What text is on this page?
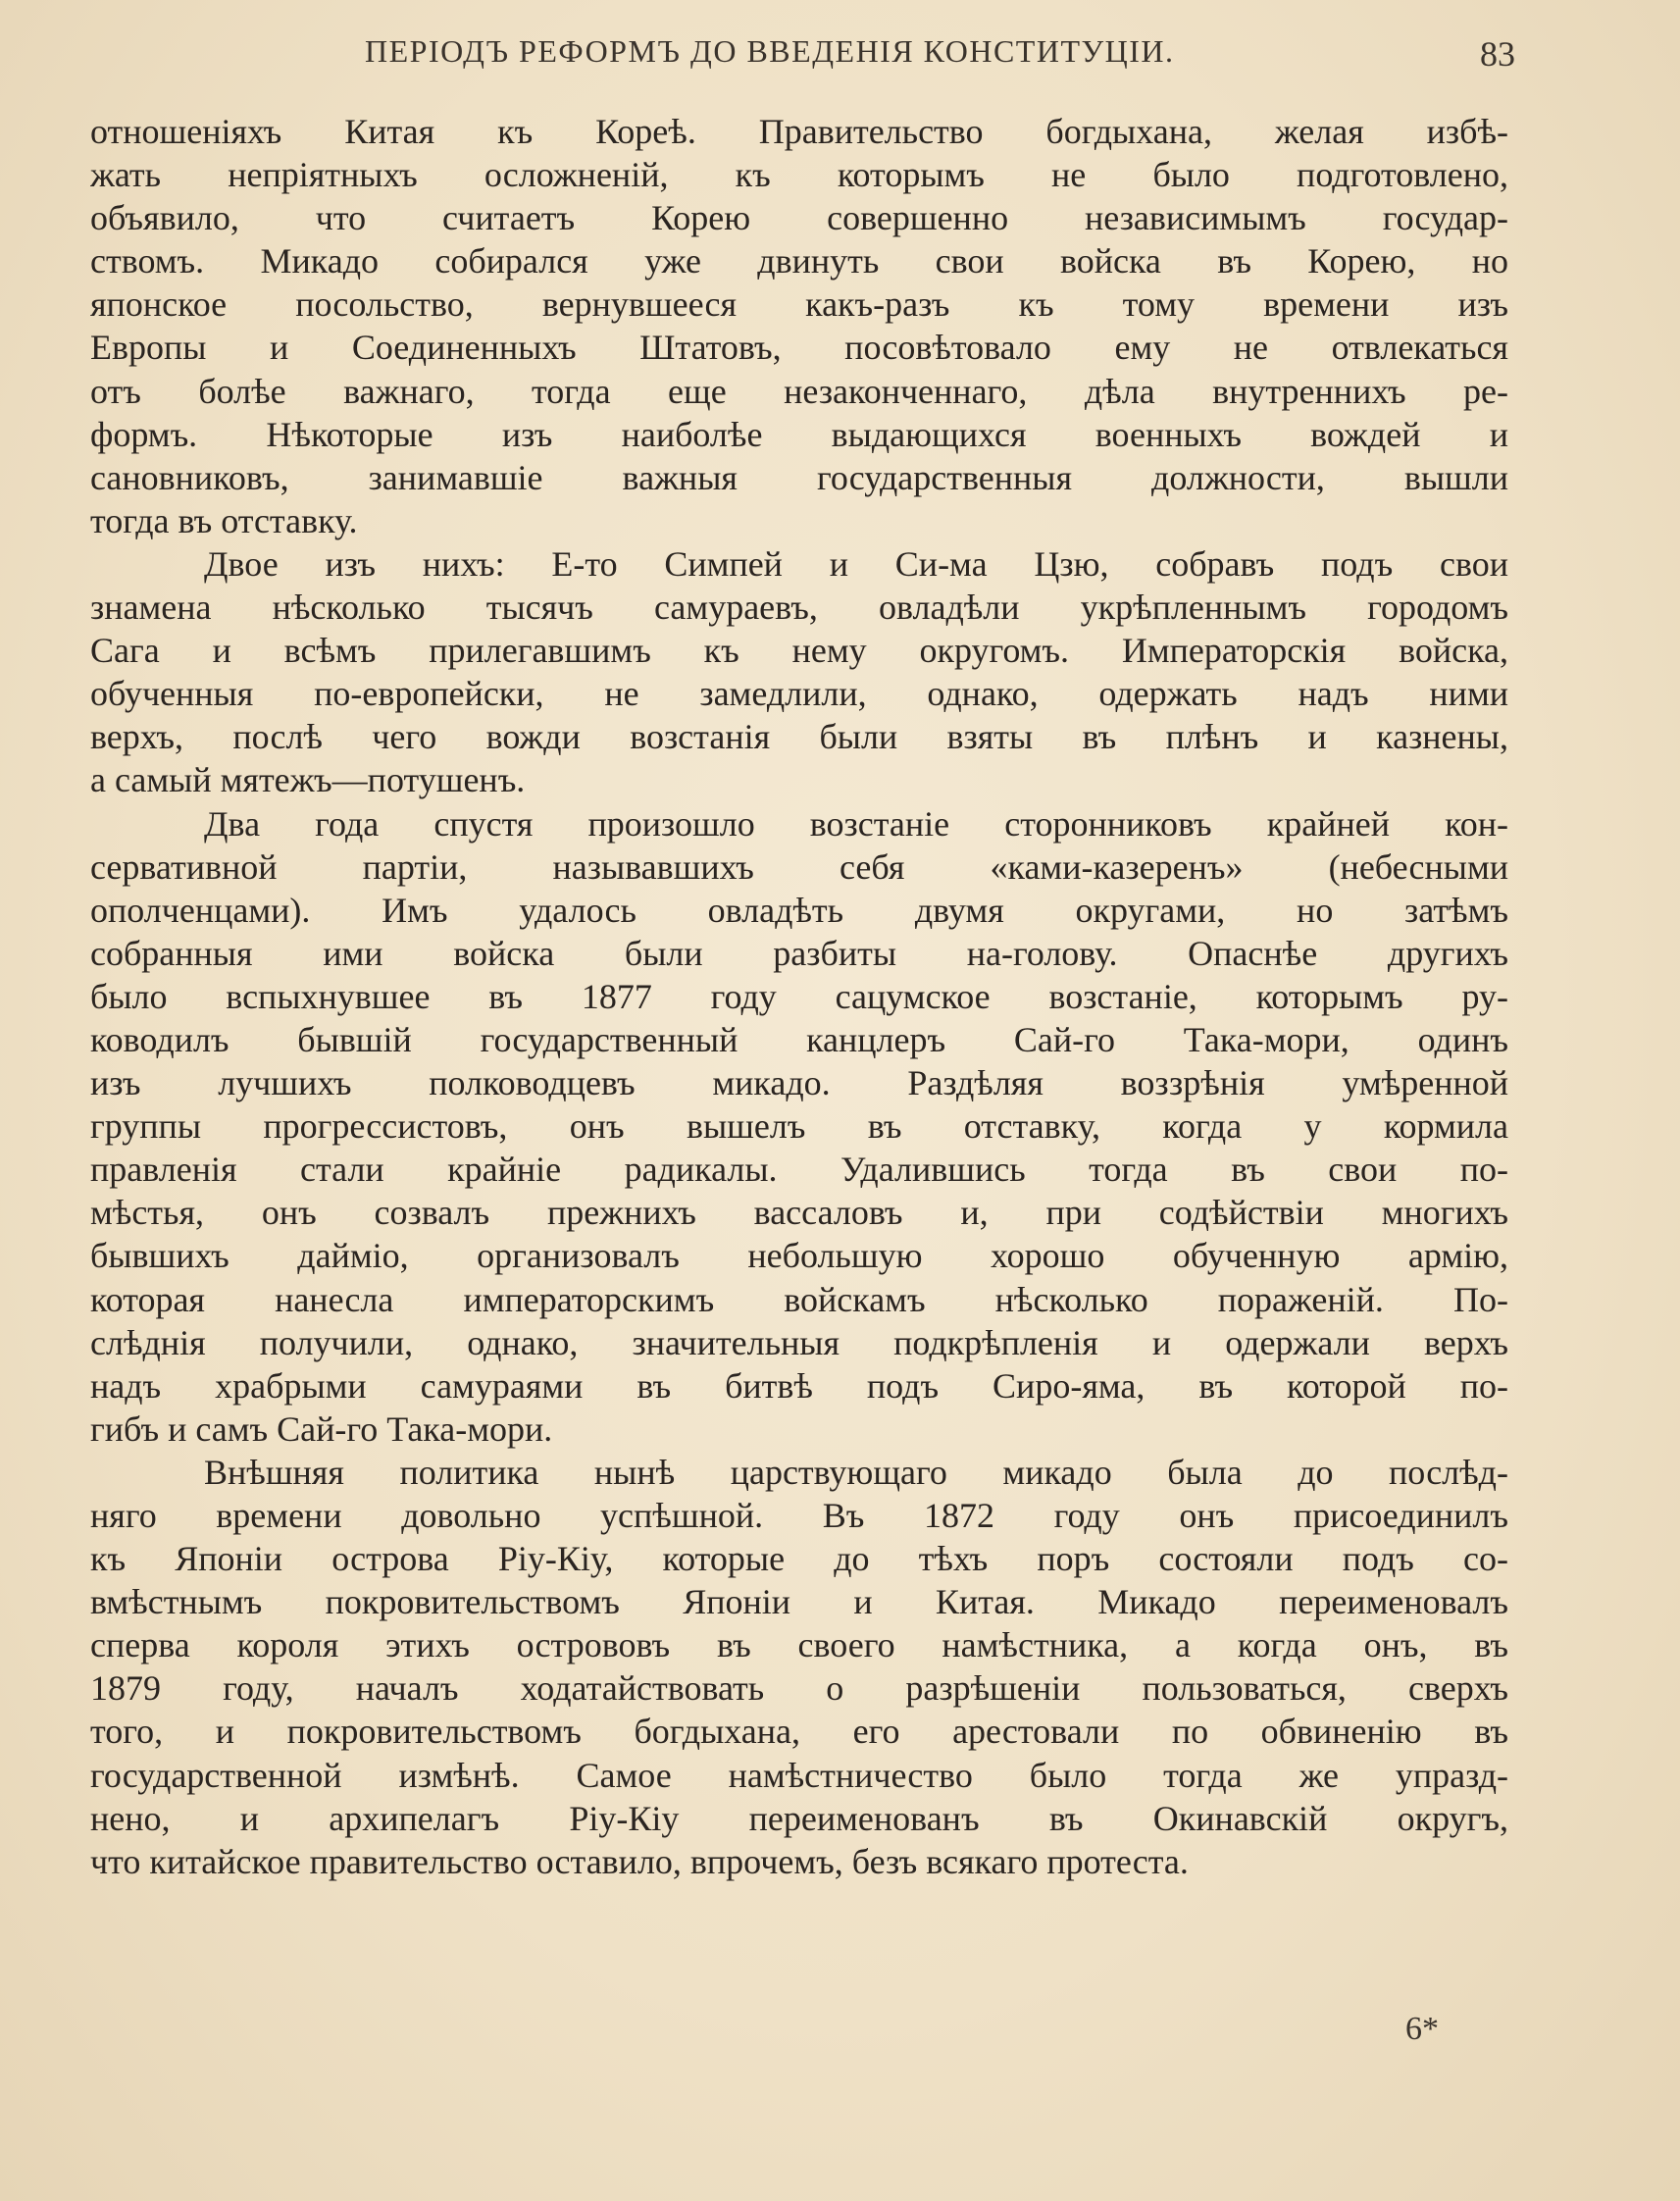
ПЕРІОДЪ РЕФОРМЪ ДО ВВЕДЕНІЯ КОНСТИТУЦІИ.	83
отношеніяхъ Китая къ Кореѣ. Правительство богдыхана, желая избѣ-
жать непріятныхъ осложненій, къ которымъ не было подготовлено,
объявило, что считаетъ Корею совершенно независимымъ государ-
ствомъ. Микадо собирался уже двинуть свои войска въ Корею, но
японское посольство, вернувшееся какъ-разъ къ тому времени изъ
Европы и Соединенныхъ Штатовъ, посовѣтовало ему не отвлекаться
отъ болѣе важнаго, тогда еще незаконченнаго, дѣла внутреннихъ ре-
формъ. Нѣкоторые изъ наиболѣе выдающихся военныхъ вождей и
сановниковъ, занимавшіе важныя государственныя должности, вышли
тогда въ отставку.
Двое изъ нихъ: Е-то Симпей и Си-ма Цзю, собравъ подъ свои
знамена нѣсколько тысячъ самураевъ, овладѣли укрѣпленнымъ городомъ
Сага и всѣмъ прилегавшимъ къ нему округомъ. Императорскія войска,
обученныя по-европейски, не замедлили, однако, одержать надъ ними
верхъ, послѣ чего вожди возстанія были взяты въ плѣнъ и казнены,
а самый мятежъ—потушенъ.
Два года спустя произошло возстаніе сторонниковъ крайней кон-
сервативной партіи, называвшихъ себя «ками-казеренъ» (небесными
ополченцами). Имъ удалось овладѣть двумя округами, но затѣмъ
собранныя ими войска были разбиты на-голову. Опаснѣе другихъ
было вспыхнувшее въ 1877 году сацумское возстаніе, которымъ ру-
ководилъ бывшій государственный канцлеръ Сай-го Така-мори, одинъ
изъ лучшихъ полководцевъ микадо. Раздѣляя воззрѣнія умѣренной
группы прогрессистовъ, онъ вышелъ въ отставку, когда у кормила
правленія стали крайніе радикалы. Удалившись тогда въ свои по-
мѣстья, онъ созвалъ прежнихъ вассаловъ и, при содѣйствіи многихъ
бывшихъ дайміо, организовалъ небольшую хорошо обученную армію,
которая нанесла императорскимъ войскамъ нѣсколько пораженій. По-
слѣднія получили, однако, значительныя подкрѣпленія и одержали верхъ
надъ храбрыми самураями въ битвѣ подъ Сиро-яма, въ которой по-
гибъ и самъ Сай-го Така-мори.
Внѣшняя политика нынѣ царствующаго микадо была до послѣд-
няго времени довольно успѣшной. Въ 1872 году онъ присоединилъ
къ Японіи острова Ріу-Кіу, которые до тѣхъ поръ состояли подъ со-
вмѣстнымъ покровительствомъ Японіи и Китая. Микадо переименовалъ
сперва короля этихъ острововъ въ своего намѣстника, а когда онъ, въ
1879 году, началъ ходатайствовать о разрѣшеніи пользоваться, сверхъ
того, и покровительствомъ богдыхана, его арестовали по обвиненію въ
государственной измѣнѣ. Самое намѣстничество было тогда же упразд-
нено, и архипелагъ Ріу-Кіу переименованъ въ Окинавскій округъ,
что китайское правительство оставило, впрочемъ, безъ всякаго протеста.
6*
